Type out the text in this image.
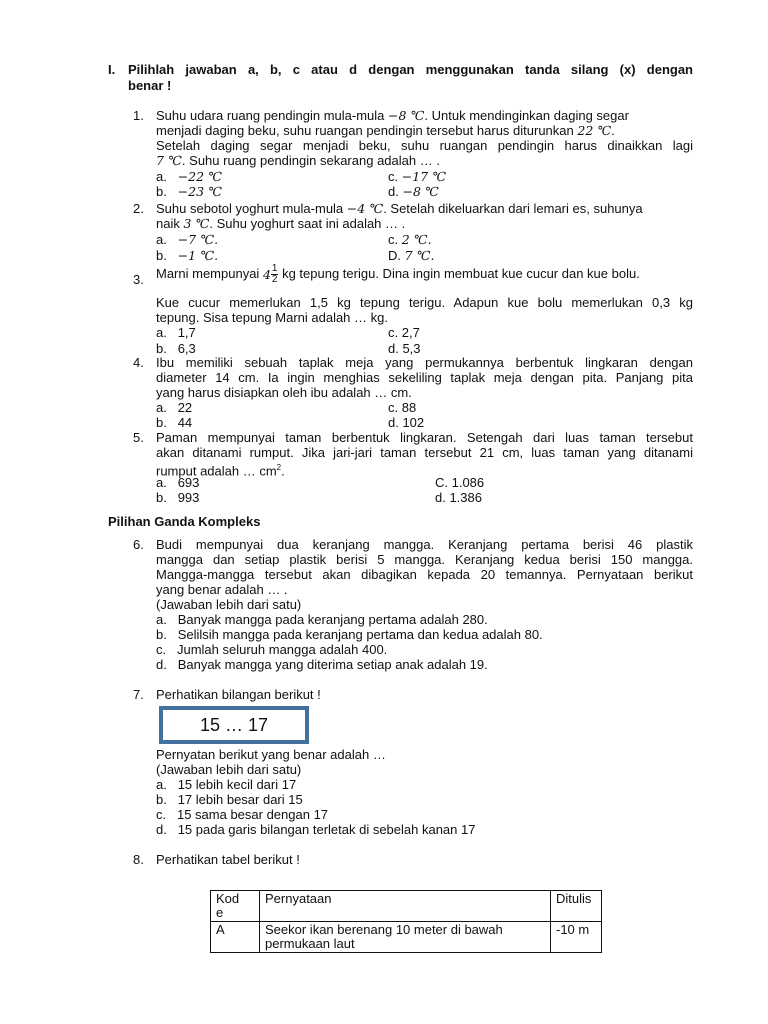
I. Pilihlah jawaban a, b, c atau d dengan menggunakan tanda silang (x) dengan
benar !
1. Suhu udara ruang pendingin mula-mula −8 ℃. Untuk mendinginkan daging segar
menjadi daging beku, suhu ruangan pendingin tersebut harus diturunkan 22 ℃.
Setelah daging segar menjadi beku, suhu ruangan pendingin harus dinaikkan lagi
7 ℃. Suhu ruang pendingin sekarang adalah … .
a. −22 ℃
b. −23 ℃
c. −17 ℃
d. −8 ℃
2. Suhu sebotol yoghurt mula-mula −4 ℃. Setelah dikeluarkan dari lemari es, suhunya
naik 3 ℃. Suhu yoghurt saat ini adalah … .
a. −7 ℃.
b. −1 ℃.
c. 2 ℃.
D. 7 ℃.
3. Marni mempunyai $4 \frac{1}{2}$ kg tepung terigu. Dina ingin membuat kue cucur dan kue bolu.
Kue cucur memerlukan 1,5 kg tepung terigu. Adapun kue bolu memerlukan 0,3 kg
tepung. Sisa tepung Marni adalah … kg.
a. 1,7
b. 6,3
c. 2,7
d. 5,3
4. Ibu memiliki sebuah taplak meja yang permukannya berbentuk lingkaran dengan
diameter 14 cm. Ia ingin menghias sekeliling taplak meja dengan pita. Panjang pita
yang harus disiapkan oleh ibu adalah … cm.
a. 22
b. 44
c. 88
d. 102
5. Paman mempunyai taman berbentuk lingkaran. Setengah dari luas taman tersebut
akan ditanami rumput. Jika jari-jari taman tersebut 21 cm, luas taman yang ditanami
rumput adalah … $cm^2$.
a. 693
b. 993
C. 1.086
d. 1.386
Pilihan Ganda Kompleks
6. Budi mempunyai dua keranjang mangga. Keranjang pertama berisi 46 plastik
mangga dan setiap plastik berisi 5 mangga. Keranjang kedua berisi 150 mangga.
Mangga-mangga tersebut akan dibagikan kepada 20 temannya. Pernyataan berikut
yang benar adalah … .
(Jawaban lebih dari satu)
a. Banyak mangga pada keranjang pertama adalah 280.
b. Selilsih mangga pada keranjang pertama dan kedua adalah 80.
c. Jumlah seluruh mangga adalah 400.
d. Banyak mangga yang diterima setiap anak adalah 19.
7. Perhatikan bilangan berikut !
15 … 17
Pernyatan berikut yang benar adalah …
(Jawaban lebih dari satu)
a. 15 lebih kecil dari 17
b. 17 lebih besar dari 15
c. 15 sama besar dengan 17
d. 15 pada garis bilangan terletak di sebelah kanan 17
8. Perhatikan tabel berikut !
Kod
e	Pernyataan	Ditulis
A	Seekor ikan berenang 10 meter di bawah
permukaan laut	-10 m
